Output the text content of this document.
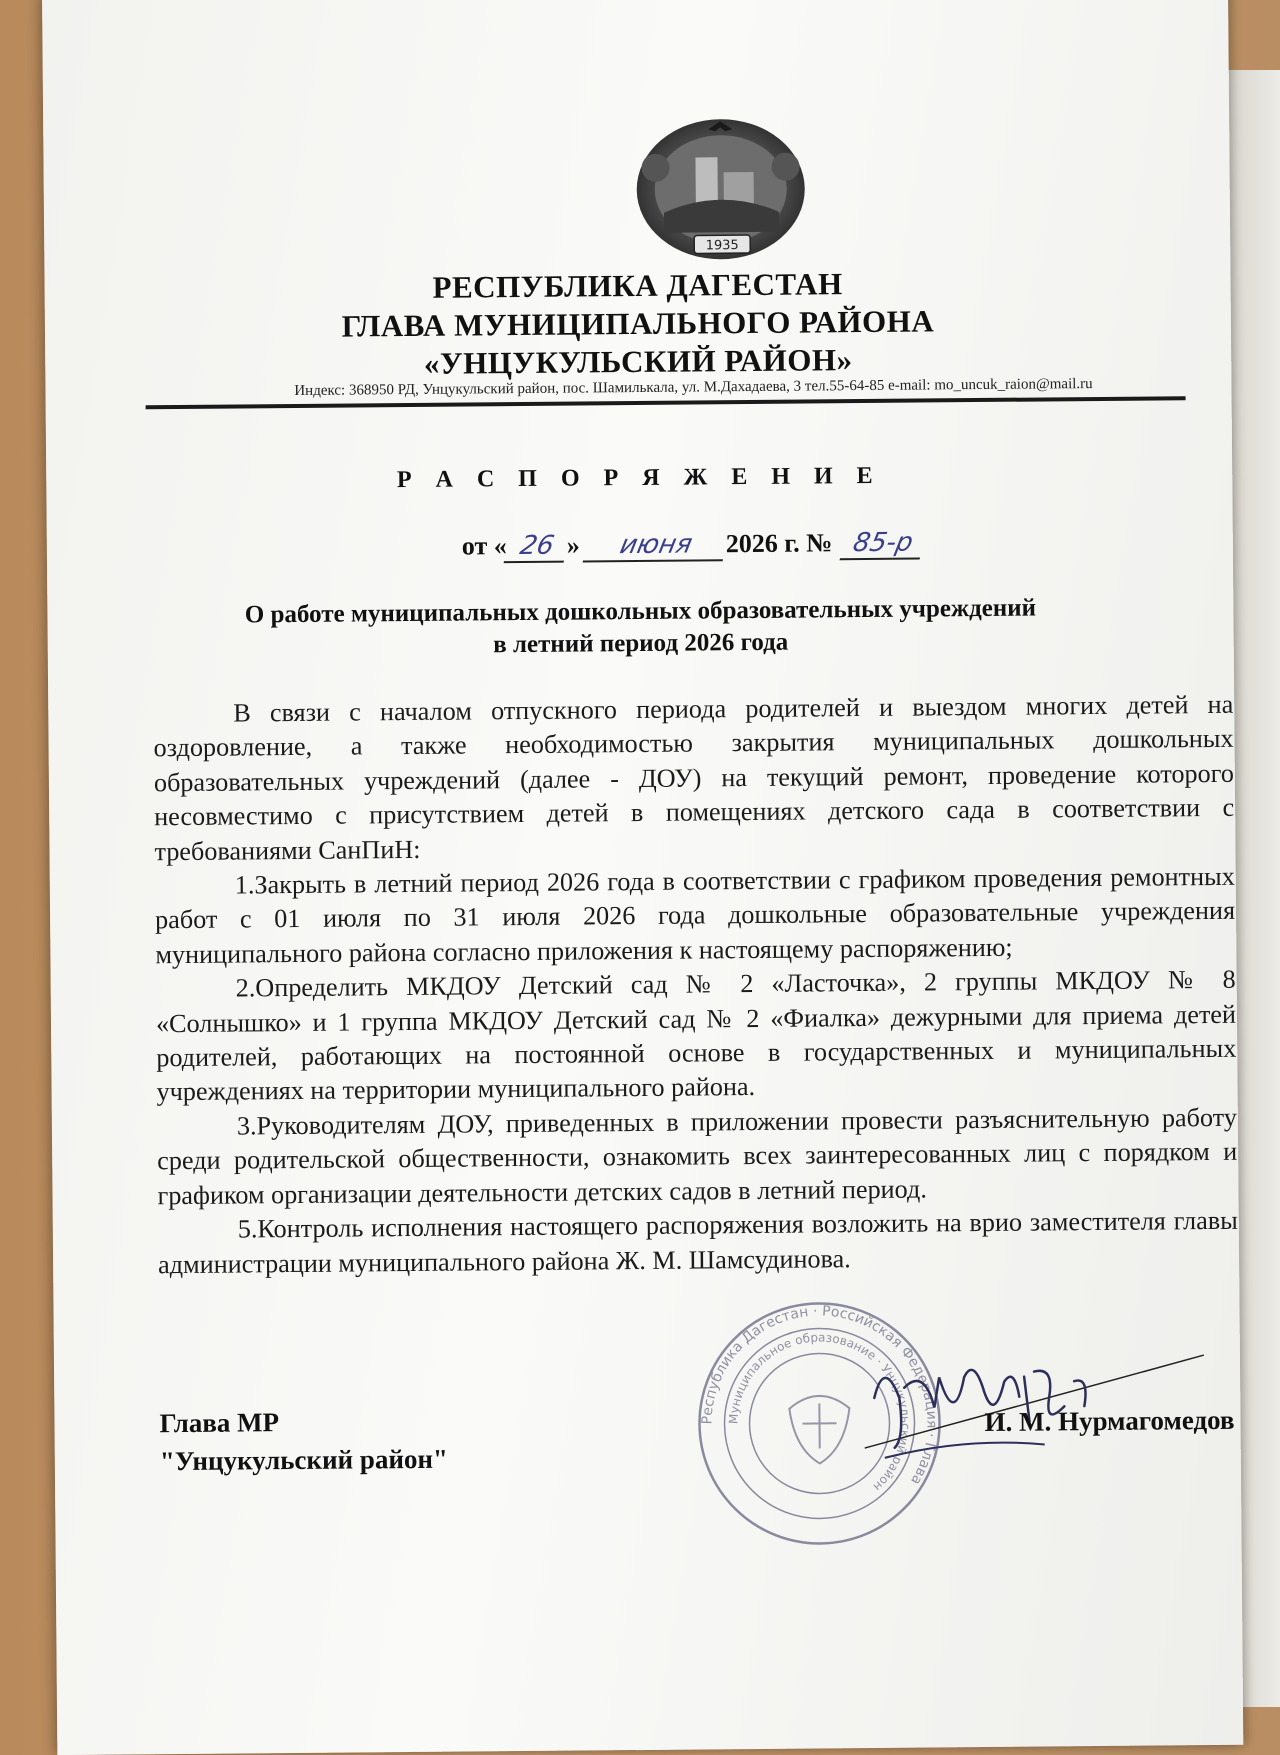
1935
РЕСПУБЛИКА ДАГЕСТАН
ГЛАВА МУНИЦИПАЛЬНОГО РАЙОНА
«УНЦУКУЛЬСКИЙ РАЙОН»
Индекс: 368950 РД, Унцукульский район, пос. Шамилькала, ул. М.Дахадаева, 3 тел.55-64-85 e-mail: mo_uncuk_raion@mail.ru
Р А С П О Р Я Ж Е Н И Е
от « 26 » июня 2026 г. № 85-р
О работе муниципальных дошкольных образовательных учреждений
в летний период 2026 года

В связи с началом отпускного периода родителей и выездом многих детей на оздоровление, а также необходимостью закрытия муниципальных дошкольных образовательных учреждений (далее - ДОУ) на текущий ремонт, проведение которого несовместимо с присутствием детей в помещениях детского сада в соответствии с требованиями СанПиН:

1.Закрыть в летний период 2026 года в соответствии с графиком проведения ремонтных работ с 01 июля по 31 июля 2026 года дошкольные образовательные учреждения муниципального района согласно приложения к настоящему распоряжению;

2.Определить МКДОУ Детский сад № 2 «Ласточка», 2 группы МКДОУ № 8 «Солнышко» и 1 группа МКДОУ Детский сад № 2 «Фиалка» дежурными для приема детей родителей, работающих на постоянной основе в государственных и муниципальных учреждениях на территории муниципального района.

3.Руководителям ДОУ, приведенных в приложении провести разъяснительную работу среди родительской общественности, ознакомить всех заинтересованных лиц с порядком и графиком организации деятельности детских садов в летний период.

5.Контроль исполнения настоящего распоряжения возложить на врио заместителя главы администрации муниципального района Ж. М. Шамсудинова.

Глава МР
"Унцукульский район"
Республика Дагестан · Российская Федерация · Глава
Муниципальное образование · Унцукульский район
И. М. Нурмагомедов
